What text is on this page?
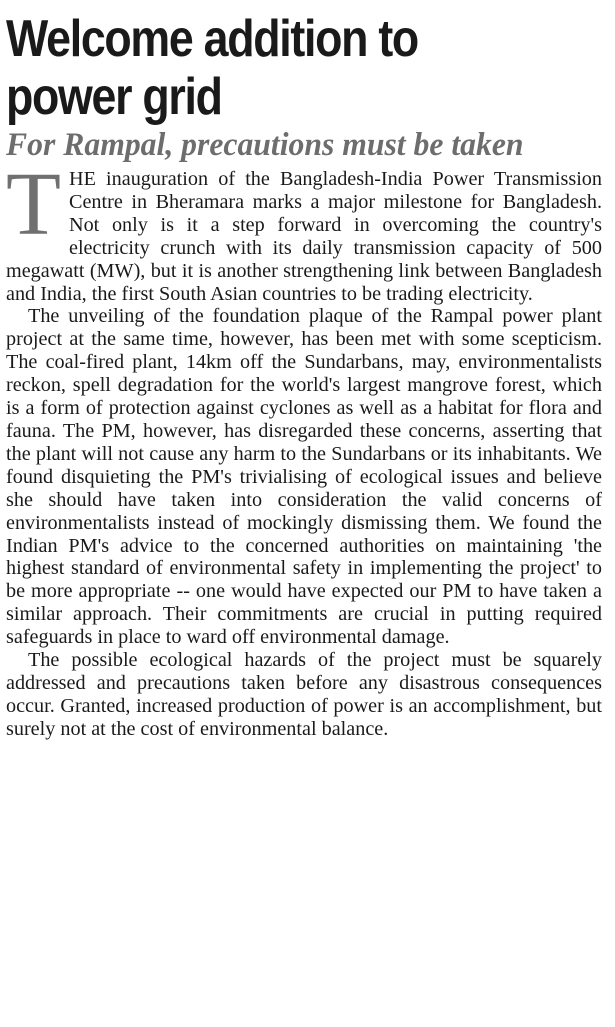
Welcome addition to
power grid
For Rampal, precautions must be taken

THE inauguration of the Bangladesh-India Power Transmission Centre in Bheramara marks a major milestone for Bangladesh. Not only is it a step forward in overcoming the country's electricity crunch with its daily transmission capacity of 500 megawatt (MW), but it is another strengthening link between Bangladesh and India, the first South Asian countries to be trading electricity.

The unveiling of the foundation plaque of the Rampal power plant project at the same time, however, has been met with some scepticism. The coal-fired plant, 14km off the Sundarbans, may, environmentalists reckon, spell degradation for the world's largest mangrove forest, which is a form of protection against cyclones as well as a habitat for flora and fauna. The PM, however, has disregarded these concerns, asserting that the plant will not cause any harm to the Sundarbans or its inhabitants. We found disquieting the PM's trivialising of ecological issues and believe she should have taken into consideration the valid concerns of environmentalists instead of mockingly dismissing them. We found the Indian PM's advice to the concerned authorities on maintaining 'the highest standard of environmental safety in implementing the project' to be more appropriate -- one would have expected our PM to have taken a similar approach. Their commitments are crucial in putting required safeguards in place to ward off environmental damage.

The possible ecological hazards of the project must be squarely addressed and precautions taken before any disastrous consequences occur. Granted, increased production of power is an accomplishment, but surely not at the cost of environmental balance.
